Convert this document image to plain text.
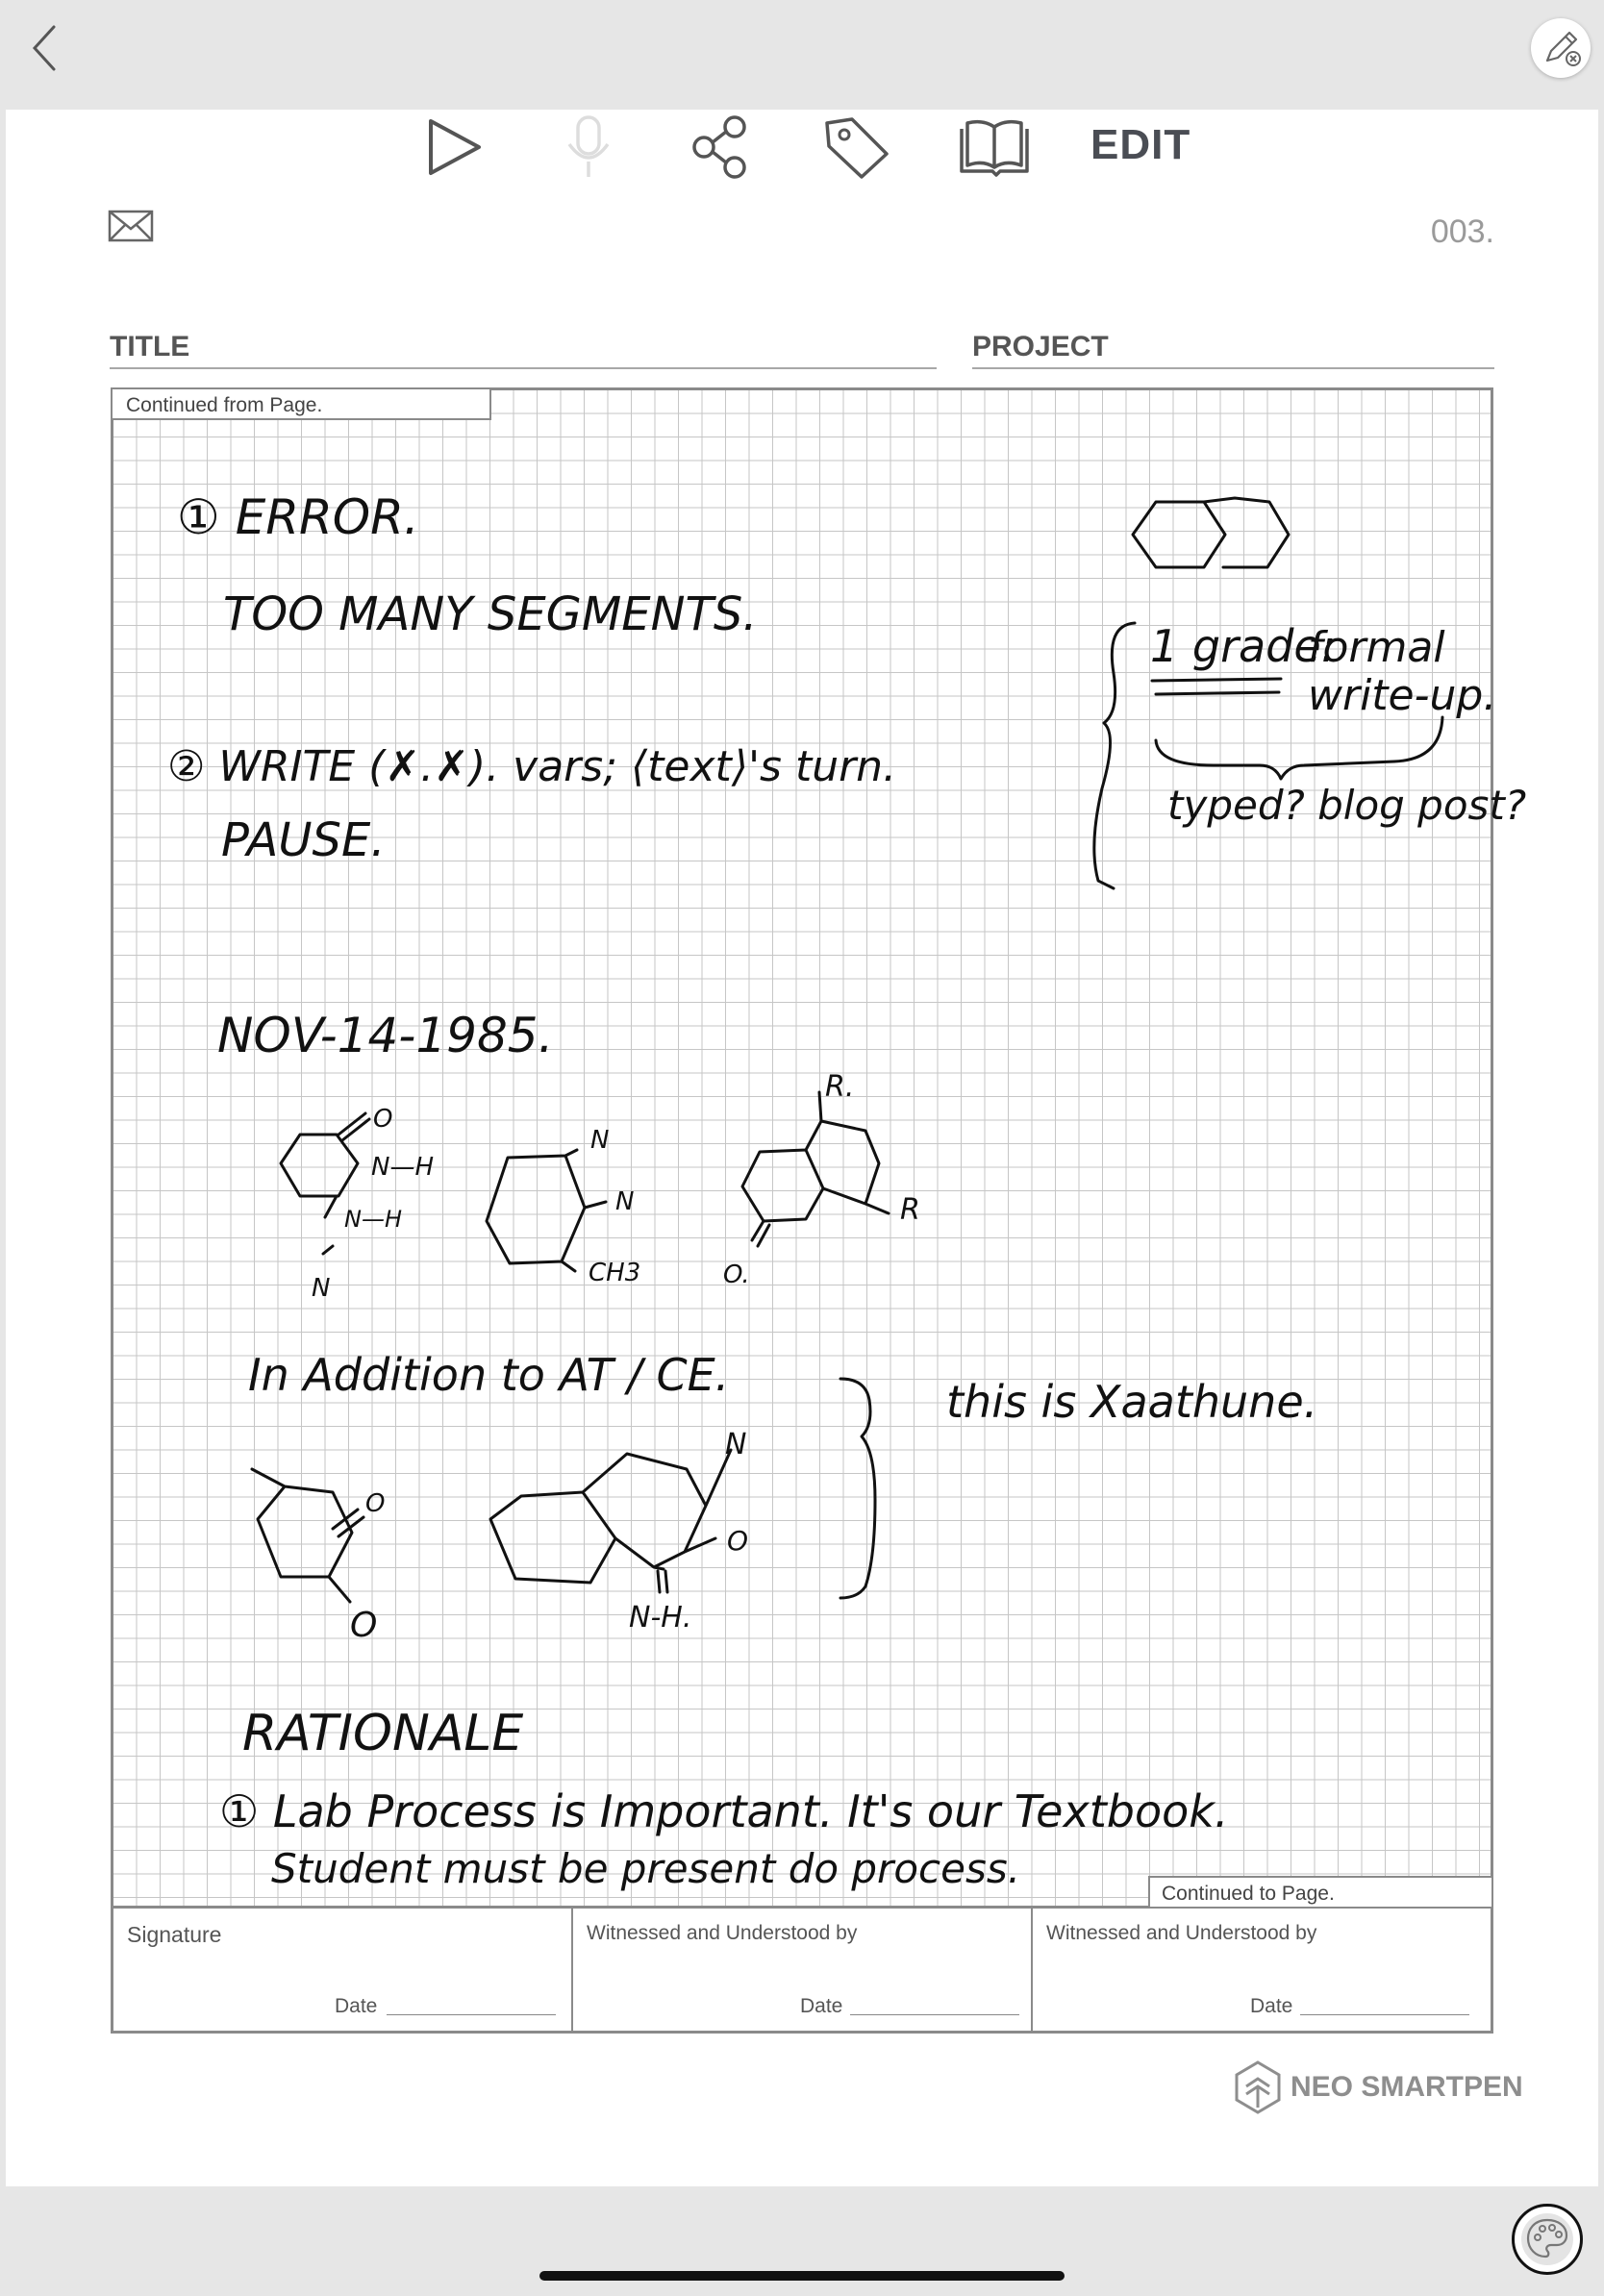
EDIT
003.
TITLE	PROJECT
Continued from Page.
① ERROR.
TOO MANY SEGMENTS.
② WRITE (✗.✗). vars; ⟨text⟩'s turn.
PAUSE.
1 grade:
formal
write-up.
typed? blog post?
NOV-14-1985.
O
N—H
N—H
N
N
N
CH3
R.
R
O.
In Addition to AT / CE.
this is Xaathune.
O
O
N
O
N-H.
RATIONALE
① Lab Process is Important. It's our Textbook.
Student must be present do process.
Continued to Page.
Signature
Date
Witnessed and Understood by
Date
Witnessed and Understood by
Date
NEO SMARTPEN
